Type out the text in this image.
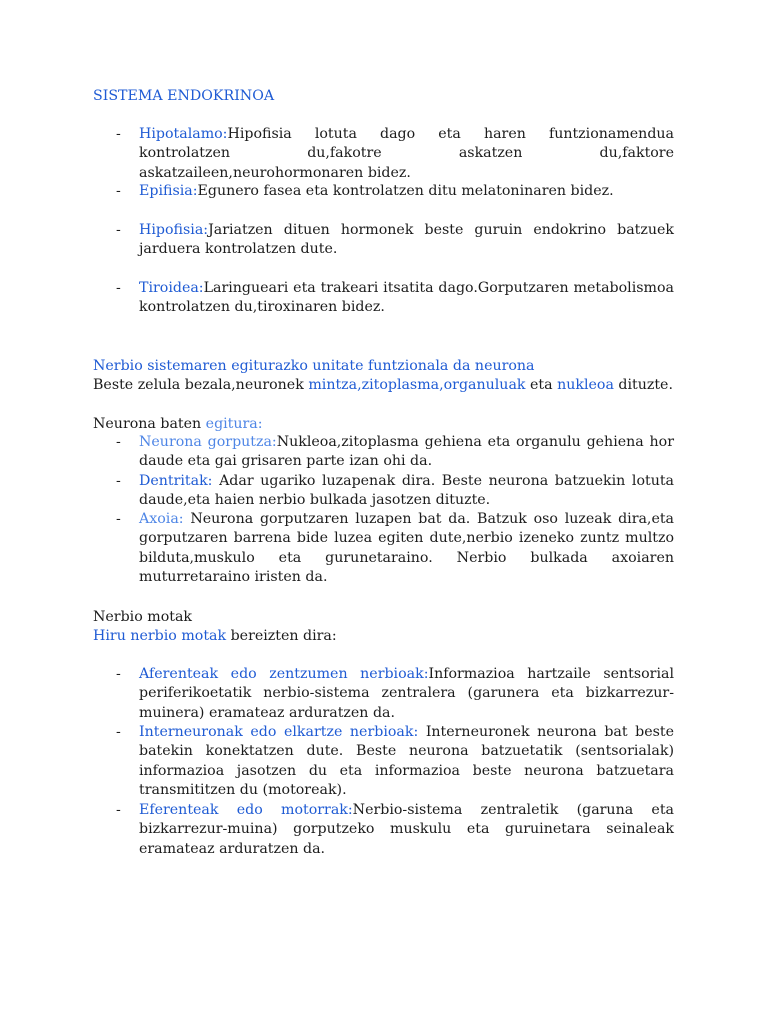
SISTEMA ENDOKRINOA
- Hipotalamo:Hipofisia lotuta dago eta haren funtzionamendua kontrolatzen du,fakotre askatzen du,faktore askatzaileen,neurohormonaren bidez.
- Epifisia:Egunero fasea eta kontrolatzen ditu melatoninaren bidez.
- Hipofisia:Jariatzen dituen hormonek beste guruin endokrino batzuek jarduera kontrolatzen dute.
- Tiroidea:Laringueari eta trakeari itsatita dago.Gorputzaren metabolismoa kontrolatzen du,tiroxinaren bidez.
Nerbio sistemaren egiturazko unitate funtzionala da neurona
Beste zelula bezala,neuronek mintza,zitoplasma,organuluak eta nukleoa dituzte.
Neurona baten egitura:
- Neurona gorputza:Nukleoa,zitoplasma gehiena eta organulu gehiena hor daude eta gai grisaren parte izan ohi da.
- Dentritak: Adar ugariko luzapenak dira. Beste neurona batzuekin lotuta daude,eta haien nerbio bulkada jasotzen dituzte.
- Axoia: Neurona gorputzaren luzapen bat da. Batzuk oso luzeak dira,eta gorputzaren barrena bide luzea egiten dute,nerbio izeneko zuntz multzo bilduta,muskulo eta gurunetaraino. Nerbio bulkada axoiaren muturretaraino iristen da.
Nerbio motak
Hiru nerbio motak bereizten dira:
- Aferenteak edo zentzumen nerbioak:Informazioa hartzaile sentsorial periferikoetatik nerbio-sistema zentralera (garunera eta bizkarrezur-muinera) eramateaz arduratzen da.
- Interneuronak edo elkartze nerbioak: Interneuronek neurona bat beste batekin konektatzen dute. Beste neurona batzuetatik (sentsorialak) informazioa jasotzen du eta informazioa beste neurona batzuetara transmititzen du (motoreak).
- Eferenteak edo motorrak:Nerbio-sistema zentraletik (garuna eta bizkarrezur-muina) gorputzeko muskulu eta guruinetara seinaleak eramateaz arduratzen da.
